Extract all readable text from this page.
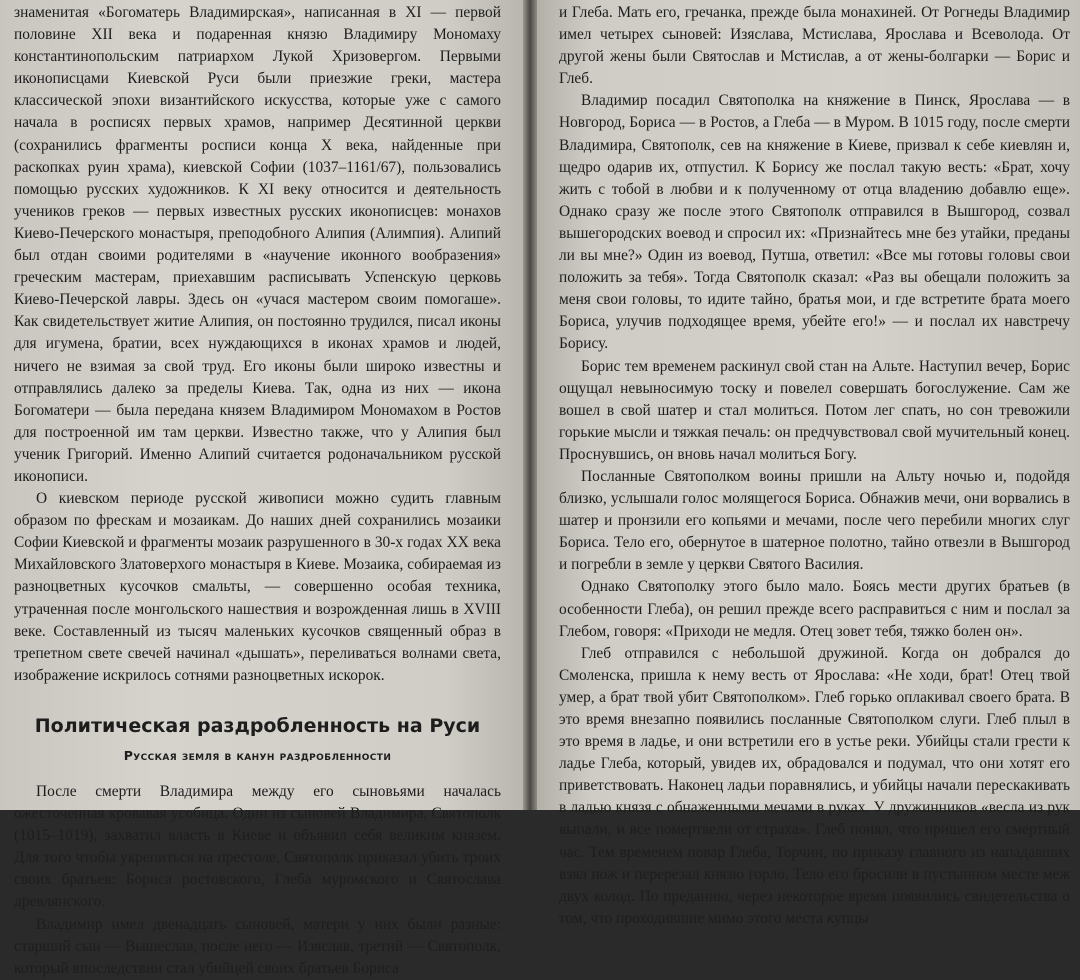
знаменитая «Богоматерь Владимирская», написанная в XI — первой половине XII века и подаренная князю Владимиру Мономаху константинопольским патриархом Лукой Хризовергом. Первыми иконописцами Киевской Руси были приезжие греки, мастера классической эпохи византийского искусства, которые уже с самого начала в росписях первых храмов, например Десятинной церкви (сохранились фрагменты росписи конца X века, найденные при раскопках руин храма), киевской Софии (1037–1161/67), пользовались помощью русских художников. К XI веку относится и деятельность учеников греков — первых известных русских иконописцев: монахов Киево-Печерского монастыря, преподобного Алипия (Алимпия). Алипий был отдан своими родителями в «научение иконного вообразения» греческим мастерам, приехавшим расписывать Успенскую церковь Киево-Печерской лавры. Здесь он «учася мастером своим помогаше». Как свидетельствует житие Алипия, он постоянно трудился, писал иконы для игумена, братии, всех нуждающихся в иконах храмов и людей, ничего не взимая за свой труд. Его иконы были широко известны и отправлялись далеко за пределы Киева. Так, одна из них — икона Богоматери — была передана князем Владимиром Мономахом в Ростов для построенной им там церкви. Известно также, что у Алипия был ученик Григорий. Именно Алипий считается родоначальником русской иконописи.

О киевском периоде русской живописи можно судить главным образом по фрескам и мозаикам. До наших дней сохранились мозаики Софии Киевской и фрагменты мозаик разрушенного в 30-х годах XX века Михайловского Златоверхого монастыря в Киеве. Мозаика, собираемая из разноцветных кусочков смальты, — совершенно особая техника, утраченная после монгольского нашествия и возрожденная лишь в XVIII веке. Составленный из тысяч маленьких кусочков священный образ в трепетном свете свечей начинал «дышать», переливаться волнами света, изображение искрилось сотнями разноцветных искорок.

Политическая раздробленность на Руси
Русская земля в канун раздробленности

После смерти Владимира между его сыновьями началась ожесточенная кровавая усобица. Один из сыновей Владимира, Святополк (1015–1019), захватил власть в Киеве и объявил себя великим князем. Для того чтобы укрепиться на престоле, Святополк приказал убить троих своих братьев: Бориса ростовского, Глеба муромского и Святослава древлянского.

Владимир имел двенадцать сыновей, матери у них были разные: старший сын — Вышеслав, после него — Изяслав, третий — Святополк, который впоследствии стал убийцей своих братьев Бориса

и Глеба. Мать его, гречанка, прежде была монахиней. От Рогнеды Владимир имел четырех сыновей: Изяслава, Мстислава, Ярослава и Всеволода. От другой жены были Святослав и Мстислав, а от жены-болгарки — Борис и Глеб.

Владимир посадил Святополка на княжение в Пинск, Ярослава — в Новгород, Бориса — в Ростов, а Глеба — в Муром. В 1015 году, после смерти Владимира, Святополк, сев на княжение в Киеве, призвал к себе киевлян и, щедро одарив их, отпустил. К Борису же послал такую весть: «Брат, хочу жить с тобой в любви и к полученному от отца владению добавлю еще». Однако сразу же после этого Святополк отправился в Вышгород, созвал вышегородских воевод и спросил их: «Признайтесь мне без утайки, преданы ли вы мне?» Один из воевод, Путша, ответил: «Все мы готовы головы свои положить за тебя». Тогда Святополк сказал: «Раз вы обещали положить за меня свои головы, то идите тайно, братья мои, и где встретите брата моего Бориса, улучив подходящее время, убейте его!» — и послал их навстречу Борису.

Борис тем временем раскинул свой стан на Альте. Наступил вечер, Борис ощущал невыносимую тоску и повелел совершать богослужение. Сам же вошел в свой шатер и стал молиться. Потом лег спать, но сон тревожили горькие мысли и тяжкая печаль: он предчувствовал свой мучительный конец. Проснувшись, он вновь начал молиться Богу.

Посланные Святополком воины пришли на Альту ночью и, подойдя близко, услышали голос молящегося Бориса. Обнажив мечи, они ворвались в шатер и пронзили его копьями и мечами, после чего перебили многих слуг Бориса. Тело его, обернутое в шатерное полотно, тайно отвезли в Вышгород и погребли в земле у церкви Святого Василия.

Однако Святополку этого было мало. Боясь мести других братьев (в особенности Глеба), он решил прежде всего расправиться с ним и послал за Глебом, говоря: «Приходи не медля. Отец зовет тебя, тяжко болен он».

Глеб отправился с небольшой дружиной. Когда он добрался до Смоленска, пришла к нему весть от Ярослава: «Не ходи, брат! Отец твой умер, а брат твой убит Святополком». Глеб горько оплакивал своего брата. В это время внезапно появились посланные Святополком слуги. Глеб плыл в это время в ладье, и они встретили его в устье реки. Убийцы стали грести к ладье Глеба, который, увидев их, обрадовался и подумал, что они хотят его приветствовать. Наконец ладьи поравнялись, и убийцы начали перескакивать в ладью князя с обнаженными мечами в руках. У дружинников «весла из рук выпали, и все помертвели от страха». Глеб понял, что пришел его смертный час. Тем временем повар Глеба, Торчин, по приказу главного из нападавших взял нож и перерезал князю горло. Тело его бросили в пустынном месте меж двух колод. По преданию, через некоторое время появились свидетельства о том, что проходившие мимо этого места купцы
